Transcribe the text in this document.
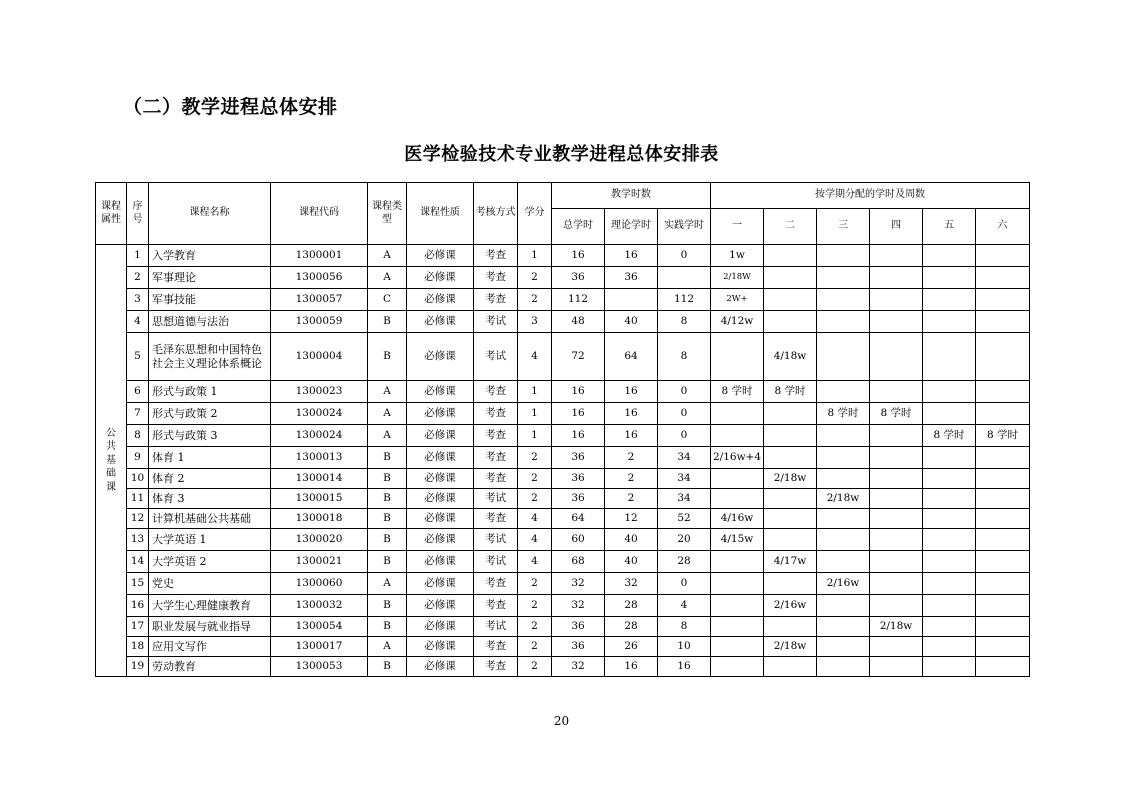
（二）教学进程总体安排
医学检验技术专业教学进程总体安排表
课程属性	序号	课程名称	课程代码	课程类型	课程性质	考核方式	学分	教学时数			按学期分配的学时及周数					
								总学时	理论学时	实践学时	一	二	三	四	五	六
公
共
基
础
课	1	入学教育	1300001	A	必修课	考查	1	16	16	0	1w					
	2	军事理论	1300056	A	必修课	考查	2	36	36		2/18W					
	3	军事技能	1300057	C	必修课	考查	2	112		112	2W+					
	4	思想道德与法治	1300059	B	必修课	考试	3	48	40	8	4/12w					
	5	毛泽东思想和中国特色社会主义理论体系概论	1300004	B	必修课	考试	4	72	64	8		4/18w				
	6	形式与政策 1	1300023	A	必修课	考查	1	16	16	0	8 学时	8 学时				
	7	形式与政策 2	1300024	A	必修课	考查	1	16	16	0			8 学时	8 学时		
	8	形式与政策 3	1300024	A	必修课	考查	1	16	16	0					8 学时	8 学时
	9	体育 1	1300013	B	必修课	考查	2	36	2	34	2/16w+4					
	10	体育 2	1300014	B	必修课	考查	2	36	2	34		2/18w				
	11	体育 3	1300015	B	必修课	考试	2	36	2	34			2/18w			
	12	计算机基础公共基础	1300018	B	必修课	考查	4	64	12	52	4/16w					
	13	大学英语 1	1300020	B	必修课	考试	4	60	40	20	4/15w					
	14	大学英语 2	1300021	B	必修课	考试	4	68	40	28		4/17w				
	15	党史	1300060	A	必修课	考查	2	32	32	0			2/16w			
	16	大学生心理健康教育	1300032	B	必修课	考查	2	32	28	4		2/16w				
	17	职业发展与就业指导	1300054	B	必修课	考试	2	36	28	8				2/18w		
	18	应用文写作	1300017	A	必修课	考查	2	36	26	10		2/18w				
	19	劳动教育	1300053	B	必修课	考查	2	32	16	16						
20
